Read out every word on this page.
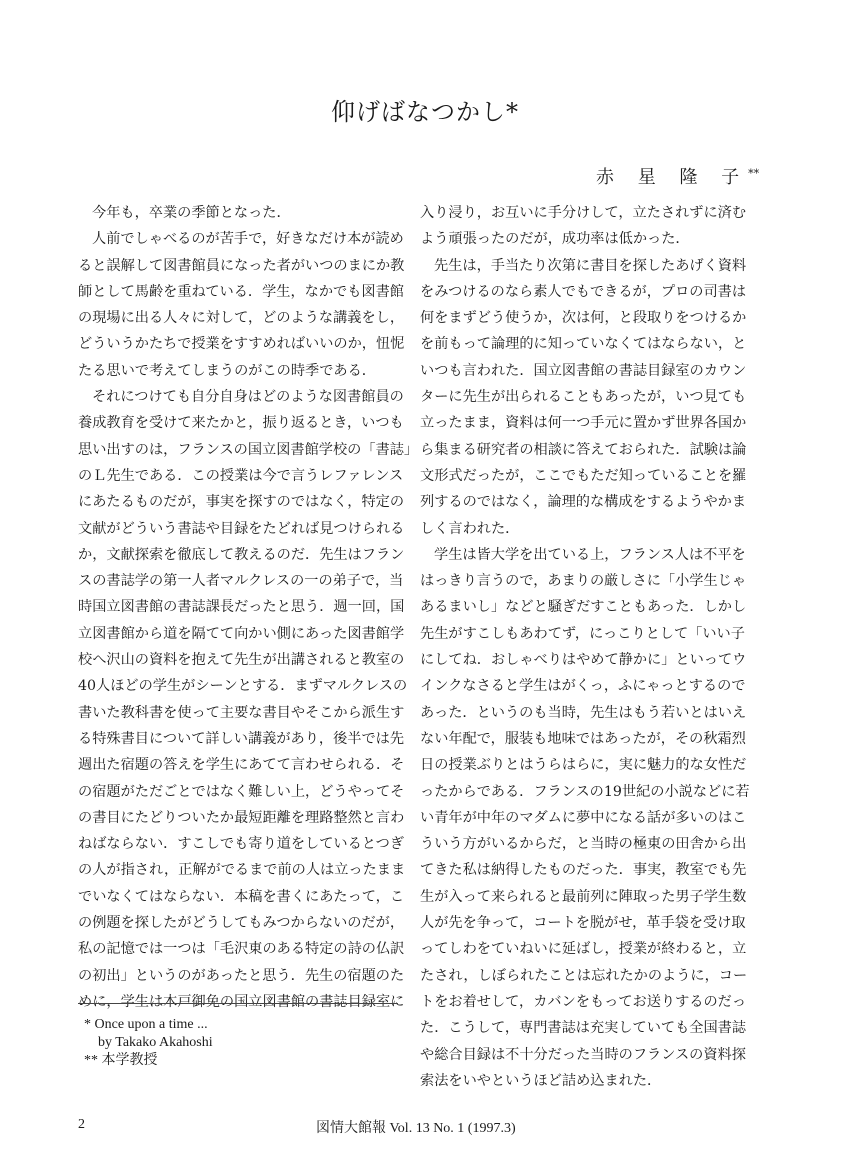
仰げばなつかし*
赤 星 隆 子**

今年も，卒業の季節となった．

人前でしゃべるのが苦手で，好きなだけ本が読め
ると誤解して図書館員になった者がいつのまにか教
師として馬齢を重ねている．学生，なかでも図書館
の現場に出る人々に対して，どのような講義をし，
どういうかたちで授業をすすめればいいのか，忸怩
たる思いで考えてしまうのがこの時季である．

それにつけても自分自身はどのような図書館員の
養成教育を受けて来たかと，振り返るとき，いつも
思い出すのは，フランスの国立図書館学校の「書誌」
のＬ先生である．この授業は今で言うレファレンス
にあたるものだが，事実を探すのではなく，特定の
文献がどういう書誌や目録をたどれば見つけられる
か，文献探索を徹底して教えるのだ．先生はフラン
スの書誌学の第一人者マルクレスの一の弟子で，当
時国立図書館の書誌課長だったと思う．週一回，国
立図書館から道を隔てて向かい側にあった図書館学
校へ沢山の資料を抱えて先生が出講されると教室の
40人ほどの学生がシーンとする．まずマルクレスの
書いた教科書を使って主要な書目やそこから派生す
る特殊書目について詳しい講義があり，後半では先
週出た宿題の答えを学生にあてて言わせられる．そ
の宿題がただごとではなく難しい上，どうやってそ
の書目にたどりついたか最短距離を理路整然と言わ
ねばならない．すこしでも寄り道をしているとつぎ
の人が指され，正解がでるまで前の人は立ったまま
でいなくてはならない．本稿を書くにあたって，こ
の例題を探したがどうしてもみつからないのだが，
私の記憶では一つは「毛沢東のある特定の詩の仏訳
の初出」というのがあったと思う．先生の宿題のた
めに，学生は木戸御免の国立図書館の書誌目録室に

入り浸り，お互いに手分けして，立たされずに済む
よう頑張ったのだが，成功率は低かった．

先生は，手当たり次第に書目を探したあげく資料
をみつけるのなら素人でもできるが，プロの司書は
何をまずどう使うか，次は何，と段取りをつけるか
を前もって論理的に知っていなくてはならない，と
いつも言われた．国立図書館の書誌目録室のカウン
ターに先生が出られることもあったが，いつ見ても
立ったまま，資料は何一つ手元に置かず世界各国か
ら集まる研究者の相談に答えておられた．試験は論
文形式だったが，ここでもただ知っていることを羅
列するのではなく，論理的な構成をするようやかま
しく言われた．

学生は皆大学を出ている上，フランス人は不平を
はっきり言うので，あまりの厳しさに「小学生じゃ
あるまいし」などと騒ぎだすこともあった．しかし
先生がすこしもあわてず，にっこりとして「いい子
にしてね．おしゃべりはやめて静かに」といってウ
インクなさると学生はがくっ，ふにゃっとするので
あった．というのも当時，先生はもう若いとはいえ
ない年配で，服装も地味ではあったが，その秋霜烈
日の授業ぶりとはうらはらに，実に魅力的な女性だ
ったからである．フランスの19世紀の小説などに若
い青年が中年のマダムに夢中になる話が多いのはこ
ういう方がいるからだ，と当時の極東の田舎から出
てきた私は納得したものだった．事実，教室でも先
生が入って来られると最前列に陣取った男子学生数
人が先を争って，コートを脱がせ，革手袋を受け取
ってしわをていねいに延ばし，授業が終わると，立
たされ，しぼられたことは忘れたかのように，コー
トをお着せして，カバンをもってお送りするのだっ
た．こうして，専門書誌は充実していても全国書誌
や総合目録は不十分だった当時のフランスの資料探
索法をいやというほど詰め込まれた．

* Once upon a time ...
by Takako Akahoshi
** 本学教授
2	図情大館報 Vol. 13 No. 1 (1997.3)
